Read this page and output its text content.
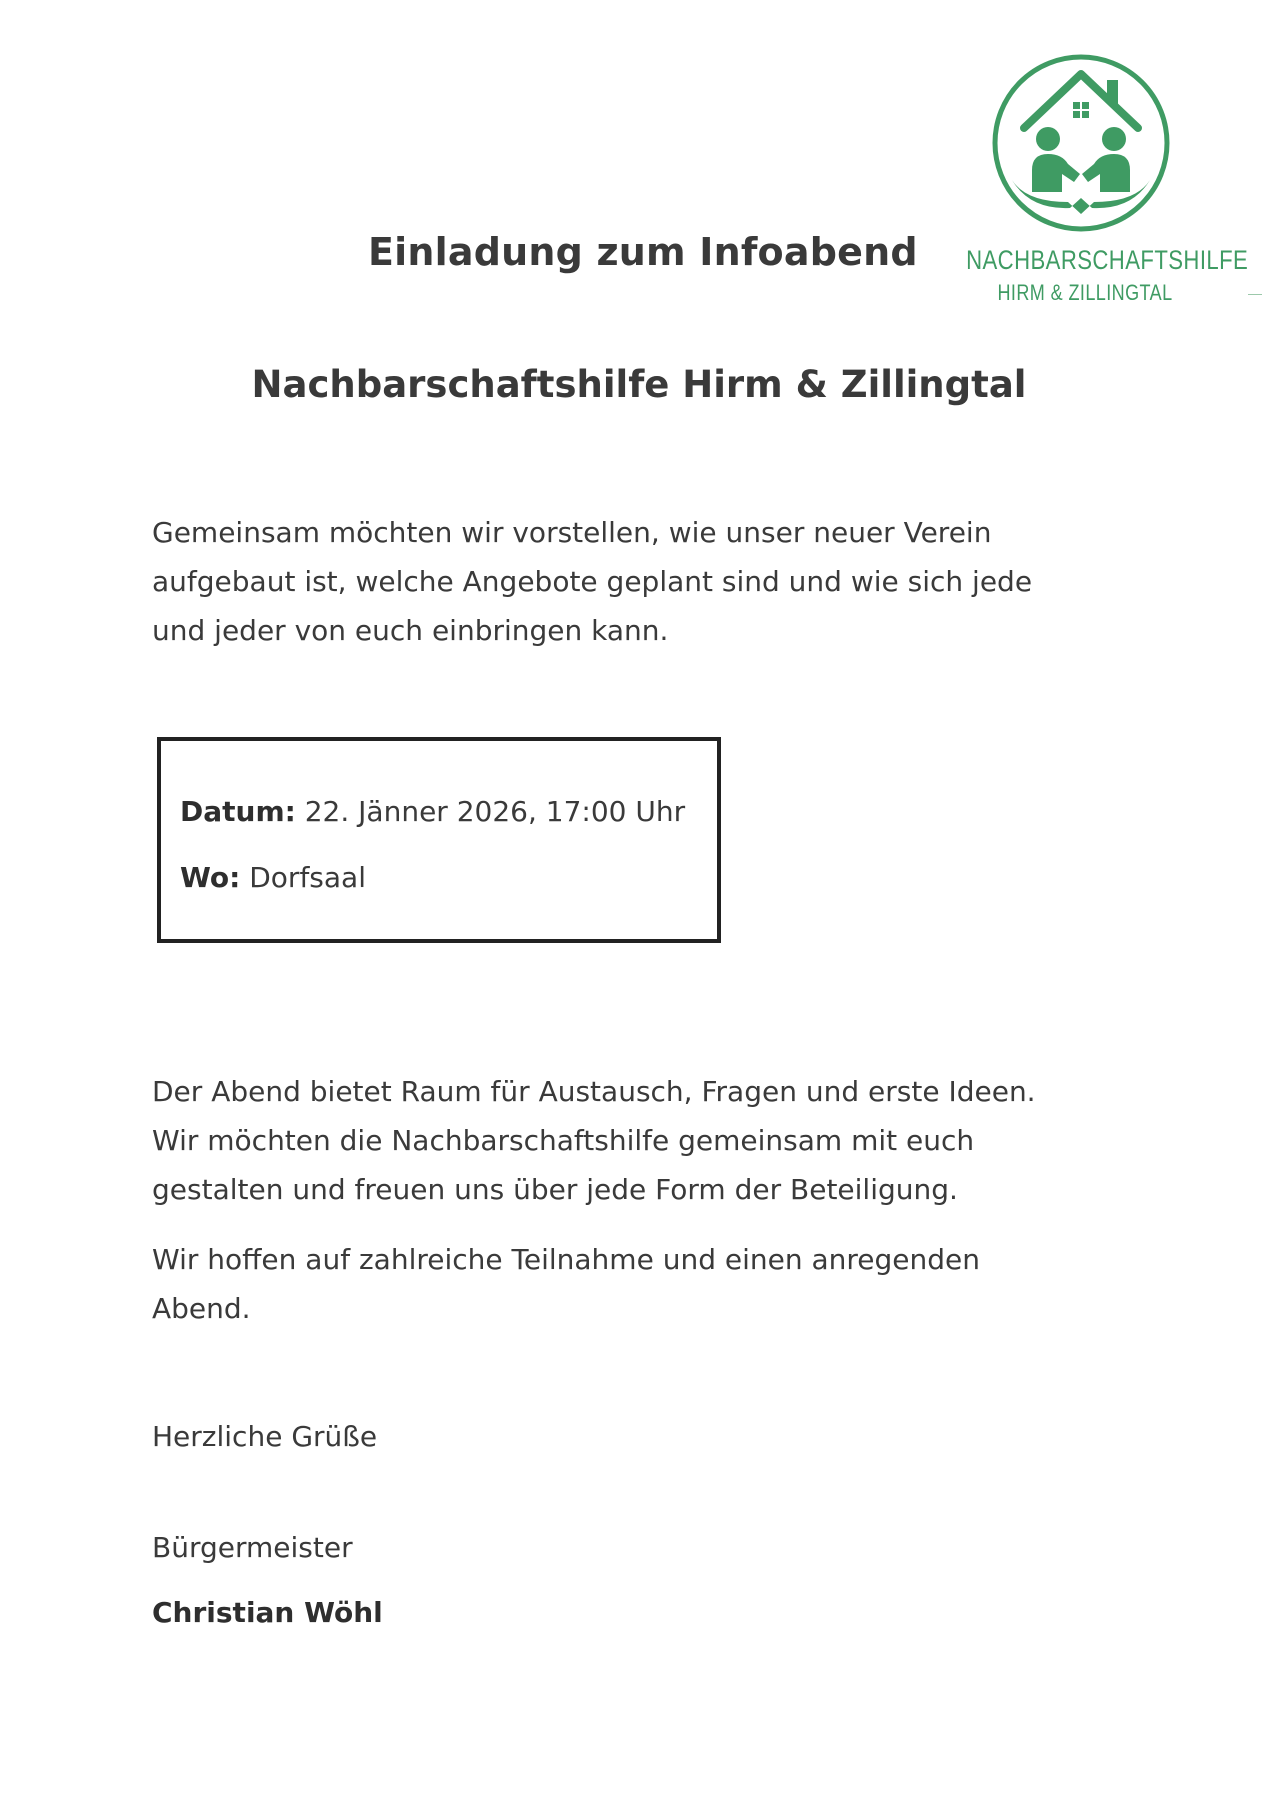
NACHBARSCHAFTSHILFE
HIRM & ZILLINGTAL
Einladung zum Infoabend
Nachbarschaftshilfe Hirm & Zillingtal
Gemeinsam möchten wir vorstellen, wie unser neuer Verein
aufgebaut ist, welche Angebote geplant sind und wie sich jede
und jeder von euch einbringen kann.
Datum: 22. Jänner 2026, 17:00 Uhr
Wo: Dorfsaal
Der Abend bietet Raum für Austausch, Fragen und erste Ideen.
Wir möchten die Nachbarschaftshilfe gemeinsam mit euch
gestalten und freuen uns über jede Form der Beteiligung.
Wir hoffen auf zahlreiche Teilnahme und einen anregenden
Abend.
Herzliche Grüße
Bürgermeister
Christian Wöhl
